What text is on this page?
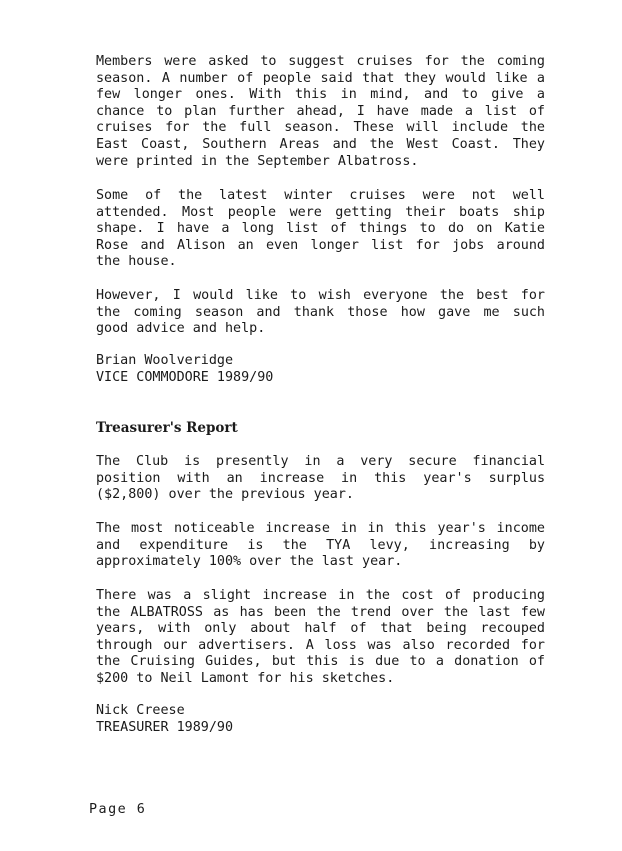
Members were asked to suggest cruises for the coming
season. A number of people said that they would like a
few longer ones. With this in mind, and to give a
chance to plan further ahead, I have made a list of
cruises for the full season. These will include the
East Coast, Southern Areas and the West Coast. They
were printed in the September Albatross.
Some of the latest winter cruises were not well
attended. Most people were getting their boats ship
shape. I have a long list of things to do on Katie
Rose and Alison an even longer list for jobs around
the house.
However, I would like to wish everyone the best for
the coming season and thank those how gave me such
good advice and help.
Brian Woolveridge
VICE COMMODORE 1989/90
Treasurer's Report
The Club is presently in a very secure financial
position with an increase in this year's surplus
($2,800) over the previous year.
The most noticeable increase in in this year's income
and expenditure is the TYA levy, increasing by
approximately 100% over the last year.
There was a slight increase in the cost of producing
the ALBATROSS as has been the trend over the last few
years, with only about half of that being recouped
through our advertisers. A loss was also recorded for
the Cruising Guides, but this is due to a donation of
$200 to Neil Lamont for his sketches.
Nick Creese
TREASURER 1989/90
Page 6
